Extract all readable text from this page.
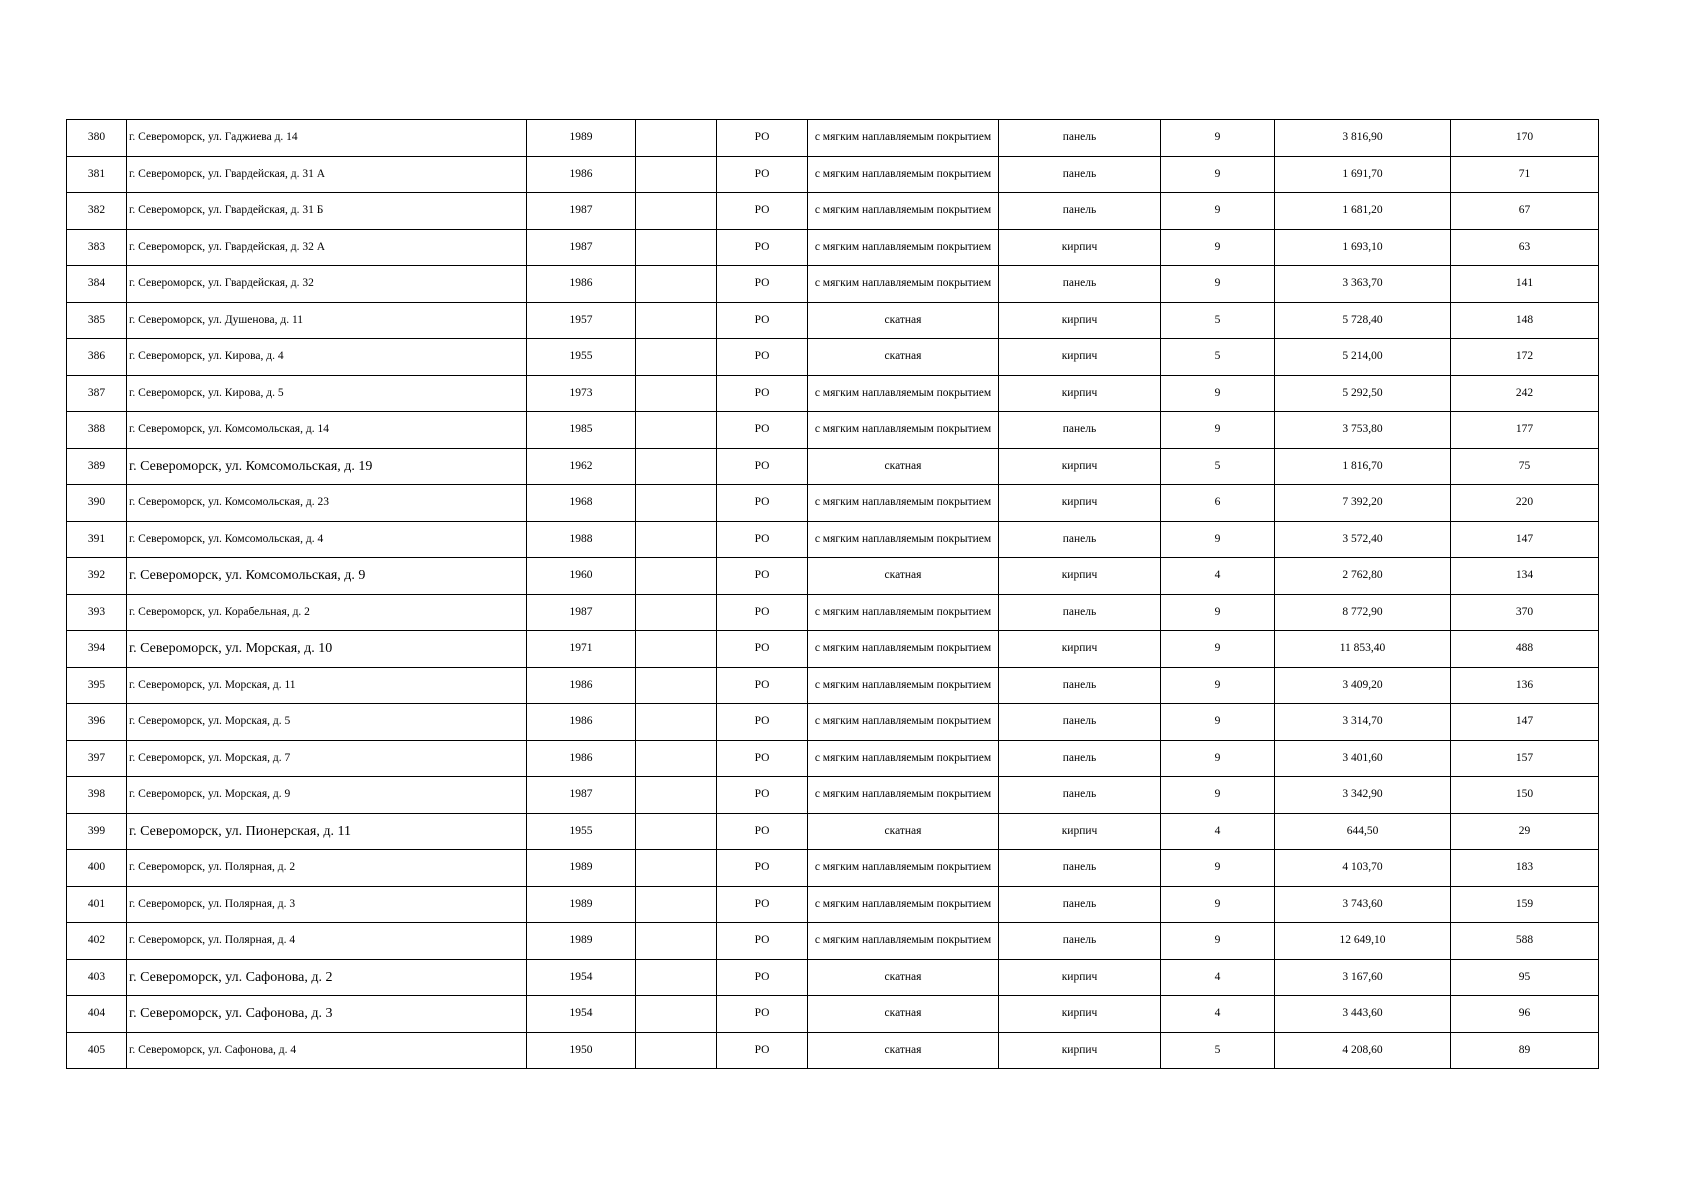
380	г. Североморск, ул. Гаджиева д. 14	1989		РО	с мягким наплавляемым покрытием	панель	9	3 816,90	170
381	г. Североморск, ул. Гвардейская, д. 31 А	1986		РО	с мягким наплавляемым покрытием	панель	9	1 691,70	71
382	г. Североморск, ул. Гвардейская, д. 31 Б	1987		РО	с мягким наплавляемым покрытием	панель	9	1 681,20	67
383	г. Североморск, ул. Гвардейская, д. 32 А	1987		РО	с мягким наплавляемым покрытием	кирпич	9	1 693,10	63
384	г. Североморск, ул. Гвардейская, д. 32	1986		РО	с мягким наплавляемым покрытием	панель	9	3 363,70	141
385	г. Североморск, ул. Душенова, д. 11	1957		РО	скатная	кирпич	5	5 728,40	148
386	г. Североморск, ул. Кирова, д. 4	1955		РО	скатная	кирпич	5	5 214,00	172
387	г. Североморск, ул. Кирова, д. 5	1973		РО	с мягким наплавляемым покрытием	кирпич	9	5 292,50	242
388	г. Североморск, ул. Комсомольская, д. 14	1985		РО	с мягким наплавляемым покрытием	панель	9	3 753,80	177
389	г. Североморск, ул. Комсомольская, д. 19	1962		РО	скатная	кирпич	5	1 816,70	75
390	г. Североморск, ул. Комсомольская, д. 23	1968		РО	с мягким наплавляемым покрытием	кирпич	6	7 392,20	220
391	г. Североморск, ул. Комсомольская, д. 4	1988		РО	с мягким наплавляемым покрытием	панель	9	3 572,40	147
392	г. Североморск, ул. Комсомольская, д. 9	1960		РО	скатная	кирпич	4	2 762,80	134
393	г. Североморск, ул. Корабельная, д. 2	1987		РО	с мягким наплавляемым покрытием	панель	9	8 772,90	370
394	г. Североморск, ул. Морская, д. 10	1971		РО	с мягким наплавляемым покрытием	кирпич	9	11 853,40	488
395	г. Североморск, ул. Морская, д. 11	1986		РО	с мягким наплавляемым покрытием	панель	9	3 409,20	136
396	г. Североморск, ул. Морская, д. 5	1986		РО	с мягким наплавляемым покрытием	панель	9	3 314,70	147
397	г. Североморск, ул. Морская, д. 7	1986		РО	с мягким наплавляемым покрытием	панель	9	3 401,60	157
398	г. Североморск, ул. Морская, д. 9	1987		РО	с мягким наплавляемым покрытием	панель	9	3 342,90	150
399	г. Североморск, ул. Пионерская, д. 11	1955		РО	скатная	кирпич	4	644,50	29
400	г. Североморск, ул. Полярная, д. 2	1989		РО	с мягким наплавляемым покрытием	панель	9	4 103,70	183
401	г. Североморск, ул. Полярная, д. 3	1989		РО	с мягким наплавляемым покрытием	панель	9	3 743,60	159
402	г. Североморск, ул. Полярная, д. 4	1989		РО	с мягким наплавляемым покрытием	панель	9	12 649,10	588
403	г. Североморск, ул. Сафонова, д. 2	1954		РО	скатная	кирпич	4	3 167,60	95
404	г. Североморск, ул. Сафонова, д. 3	1954		РО	скатная	кирпич	4	3 443,60	96
405	г. Североморск, ул. Сафонова, д. 4	1950		РО	скатная	кирпич	5	4 208,60	89
